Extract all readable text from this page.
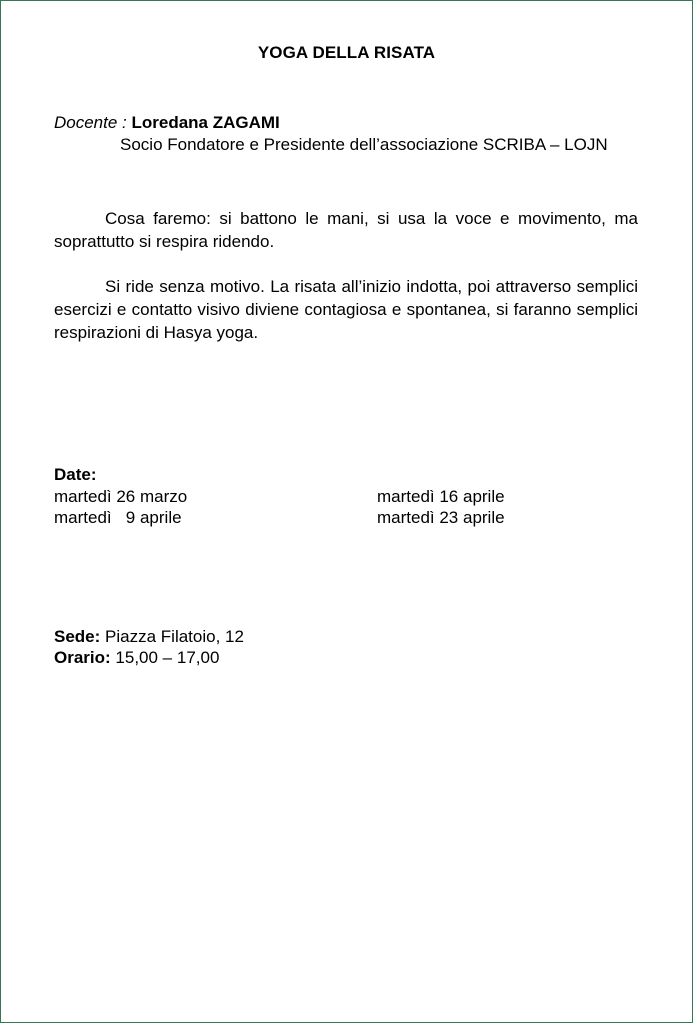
YOGA DELLA RISATA
Docente : Loredana ZAGAMI
Socio Fondatore e Presidente dell’associazione SCRIBA – LOJN
Cosa faremo: si battono le mani, si usa la voce e movimento, ma soprattutto si respira ridendo.
Si ride senza motivo. La risata all’inizio indotta, poi attraverso semplici esercizi e contatto visivo diviene contagiosa e spontanea, si faranno semplici respirazioni di Hasya yoga.
Date:
martedì 26 marzo
martedì   9 aprile
martedì 16 aprile
martedì 23 aprile
Sede: Piazza Filatoio, 12
Orario: 15,00 – 17,00
